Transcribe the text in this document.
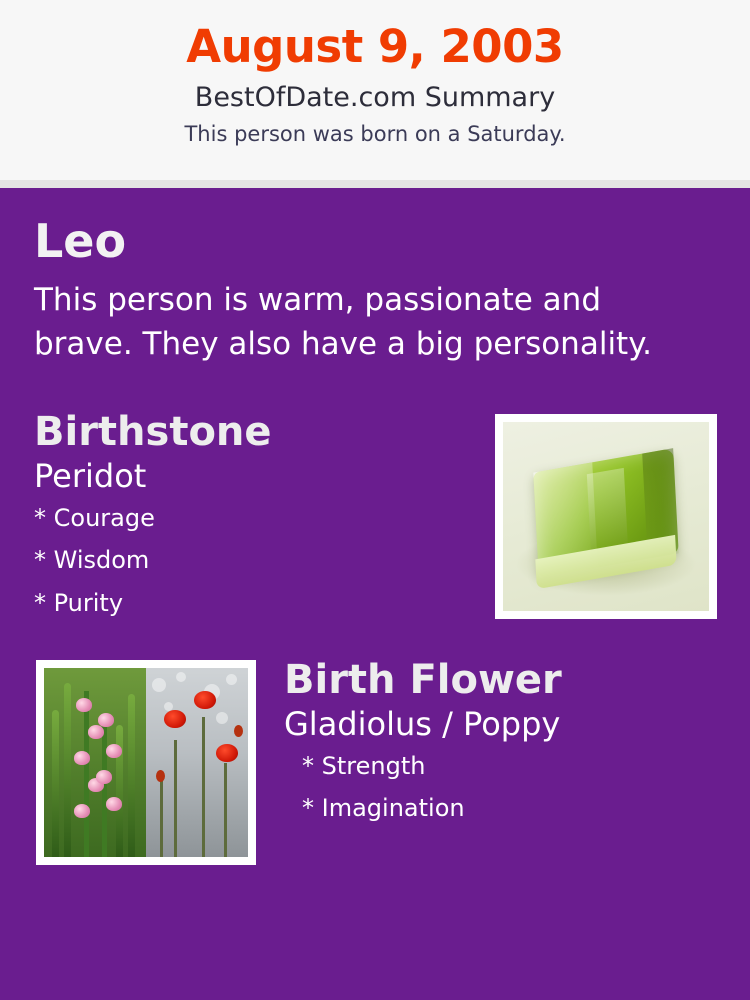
August 9, 2003
BestOfDate.com Summary
This person was born on a Saturday.
Leo
This person is warm, passionate and brave. They also have a big personality.
Birthstone
Peridot
* Courage
* Wisdom
* Purity
Birth Flower
Gladiolus / Poppy
* Strength
* Imagination
